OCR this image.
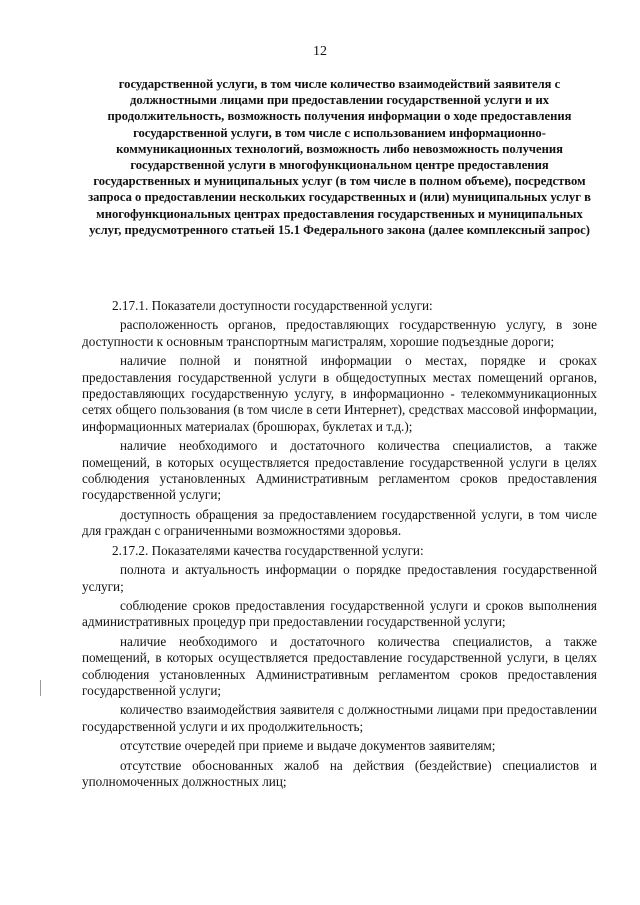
12
государственной услуги, в том числе количество взаимодействий заявителя с должностными лицами при предоставлении государственной услуги и их продолжительность, возможность получения информации о ходе предоставления государственной услуги, в том числе с использованием информационно-коммуникационных технологий, возможность либо невозможность получения государственной услуги в многофункциональном центре предоставления государственных и муниципальных услуг (в том числе в полном объеме), посредством запроса о предоставлении нескольких государственных и (или) муниципальных услуг в многофункциональных центрах предоставления государственных и муниципальных услуг, предусмотренного статьей 15.1 Федерального закона (далее комплексный запрос)

2.17.1. Показатели доступности государственной услуги:

расположенность органов, предоставляющих государственную услугу, в зоне доступности к основным транспортным магистралям, хорошие подъездные дороги;

наличие полной и понятной информации о местах, порядке и сроках предоставления государственной услуги в общедоступных местах помещений органов, предоставляющих государственную услугу, в информационно - телекоммуникационных сетях общего пользования (в том числе в сети Интернет), средствах массовой информации, информационных материалах (брошюрах, буклетах и т.д.);

наличие необходимого и достаточного количества специалистов, а также помещений, в которых осуществляется предоставление государственной услуги в целях соблюдения установленных Административным регламентом сроков предоставления государственной услуги;

доступность обращения за предоставлением государственной услуги, в том числе для граждан с ограниченными возможностями здоровья.

2.17.2. Показателями качества государственной услуги:

полнота и актуальность информации о порядке предоставления государственной услуги;

соблюдение сроков предоставления государственной услуги и сроков выполнения административных процедур при предоставлении государственной услуги;

наличие необходимого и достаточного количества специалистов, а также помещений, в которых осуществляется предоставление государственной услуги, в целях соблюдения установленных Административным регламентом сроков предоставления государственной услуги;

количество взаимодействия заявителя с должностными лицами при предоставлении государственной услуги и их продолжительность;

отсутствие очередей при приеме и выдаче документов заявителям;

отсутствие обоснованных жалоб на действия (бездействие) специалистов и уполномоченных должностных лиц;
